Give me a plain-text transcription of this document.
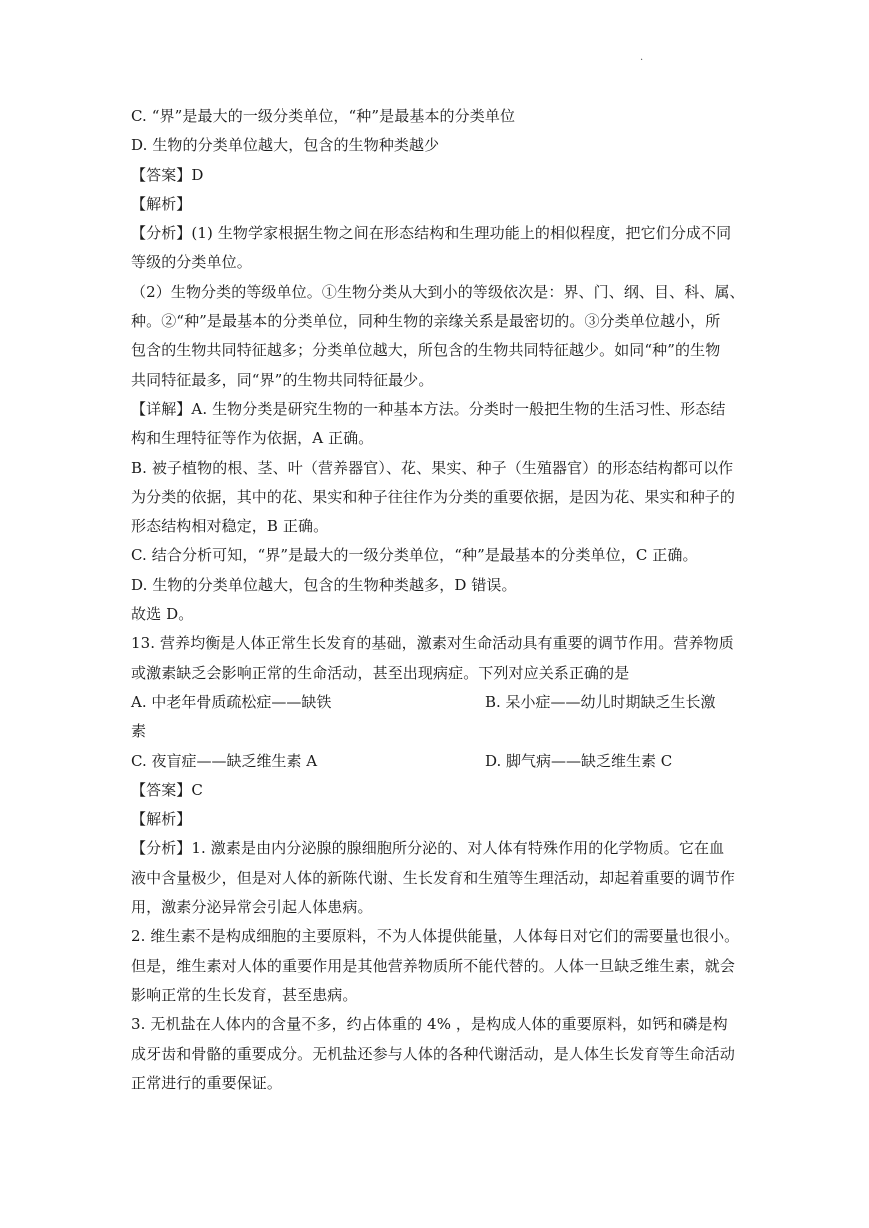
.
C. “界”是最大的一级分类单位，“种”是最基本的分类单位
D. 生物的分类单位越大，包含的生物种类越少
【答案】D
【解析】
【分析】(1) 生物学家根据生物之间在形态结构和生理功能上的相似程度，把它们分成不同
等级的分类单位。
（2）生物分类的等级单位。①生物分类从大到小的等级依次是：界、门、纲、目、科、属、
种。②“种”是最基本的分类单位，同种生物的亲缘关系是最密切的。③分类单位越小，所
包含的生物共同特征越多；分类单位越大，所包含的生物共同特征越少。如同“种”的生物
共同特征最多，同“界”的生物共同特征最少。
【详解】A. 生物分类是研究生物的一种基本方法。分类时一般把生物的生活习性、形态结
构和生理特征等作为依据，A 正确。
B. 被子植物的根、茎、叶（营养器官）、花、果实、种子（生殖器官）的形态结构都可以作
为分类的依据，其中的花、果实和种子往往作为分类的重要依据，是因为花、果实和种子的
形态结构相对稳定，B 正确。
C. 结合分析可知，“界”是最大的一级分类单位，“种”是最基本的分类单位，C 正确。
D. 生物的分类单位越大，包含的生物种类越多，D 错误。
故选 D。
13. 营养均衡是人体正常生长发育的基础，激素对生命活动具有重要的调节作用。营养物质
或激素缺乏会影响正常的生命活动，甚至出现病症。下列对应关系正确的是
A. 中老年骨质疏松症——缺铁	B. 呆小症——幼儿时期缺乏生长激
素
C. 夜盲症——缺乏维生素 A	D. 脚气病——缺乏维生素 C
【答案】C
【解析】
【分析】1. 激素是由内分泌腺的腺细胞所分泌的、对人体有特殊作用的化学物质。它在血
液中含量极少，但是对人体的新陈代谢、生长发育和生殖等生理活动，却起着重要的调节作
用，激素分泌异常会引起人体患病。
2. 维生素不是构成细胞的主要原料，不为人体提供能量，人体每日对它们的需要量也很小。
但是，维生素对人体的重要作用是其他营养物质所不能代替的。人体一旦缺乏维生素，就会
影响正常的生长发育，甚至患病。
3. 无机盐在人体内的含量不多，约占体重的 4% ，是构成人体的重要原料，如钙和磷是构
成牙齿和骨骼的重要成分。无机盐还参与人体的各种代谢活动，是人体生长发育等生命活动
正常进行的重要保证。
